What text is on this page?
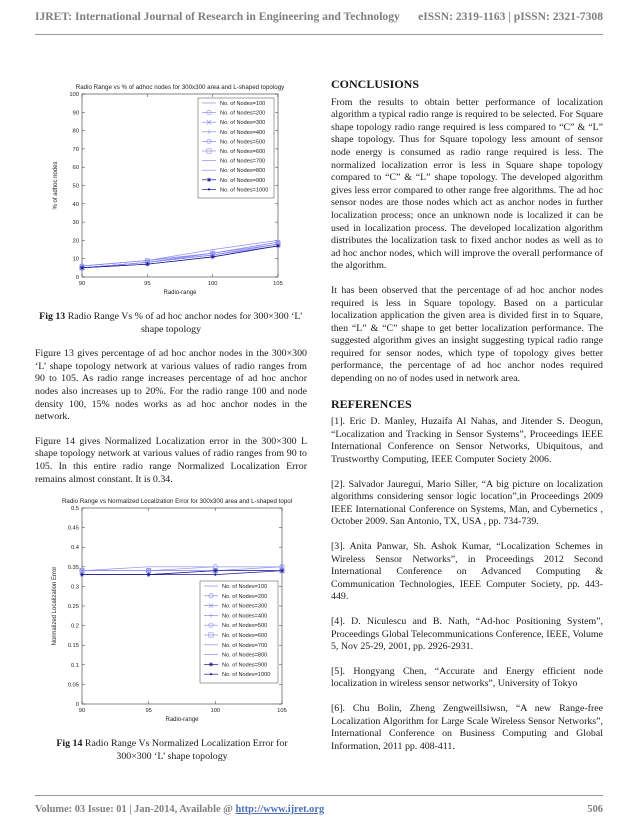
IJRET: International Journal of Research in Engineering and Technology eISSN: 2319-1163 | pISSN: 2321-7308
Radio Range vs % of adhoc nodes for 300x300 area and L-shaped topology
0
10
20
30
40
50
60
70
80
90
100
90	95	100	105
Radio-range
% of adhoc nodes
No. of Nodes=100
No. of Nodes=200
No. of Nodes=300
No. of Nodes=400
No. of Nodes=500
No. of Nodes=600
No. of Nodes=700
No. of Nodes=800
No. of Nodes=900
No. of Nodes=1000
Fig 13 Radio Range Vs % of ad hoc anchor nodes for 300×300 ‘L’ shape topology

Figure 13 gives percentage of ad hoc anchor nodes in the 300×300 ‘L’ shape topology network at various values of radio ranges from 90 to 105. As radio range increases percentage of ad hoc anchor nodes also increases up to 20%. For the radio range 100 and node density 100, 15% nodes works as ad hoc anchor nodes in the network.

Figure 14 gives Normalized Localization error in the 300×300 L shape topology network at various values of radio ranges from 90 to 105. In this entire radio range Normalized Localization Error remains almost constant. It is 0.34.

Radio Range vs Normalized Localization Error for 300x300 area and L-shaped topology
0
0.05
0.1
0.15
0.2
0.25
0.3
0.35
0.4
0.45
0.5
90	95	100	105
Radio-range
Normalized Localization Error	No. of Nodes=100
No. of Nodes=200
No. of Nodes=300
No. of Nodes=400
No. of Nodes=500
No. of Nodes=600
No. of Nodes=700
No. of Nodes=800
No. of Nodes=900
No. of Nodes=1000
Fig 14 Radio Range Vs Normalized Localization Error for 300×300 ‘L’ shape topology
CONCLUSIONS

From the results to obtain better performance of localization algorithm a typical radio range is required to be selected. For Square shape topology radio range required is less compared to “C” & “L” shape topology. Thus for Square topology less amount of sensor node energy is consumed as radio range required is less. The normalized localization error is less in Square shape topology compared to “C” & “L” shape topology. The developed algorithm gives less error compared to other range free algorithms. The ad hoc sensor nodes are those nodes which act as anchor nodes in further localization process; once an unknown node is localized it can be used in localization process. The developed localization algorithm distributes the localization task to fixed anchor nodes as well as to ad hoc anchor nodes, which will improve the overall performance of the algorithm.

It has been observed that the percentage of ad hoc anchor nodes required is less in Square topology. Based on a particular localization application the given area is divided first in to Square, then “L” & “C” shape to get better localization performance. The suggested algorithm gives an insight suggesting typical radio range required for sensor nodes, which type of topology gives better performance, the percentage of ad hoc anchor nodes required depending on no of nodes used in network area.

REFERENCES

[1]. Eric D. Manley, Huzaifa Al Nahas, and Jitender S. Deogun, “Localization and Tracking in Sensor Systems”, Proceedings IEEE International Conference on Sensor Networks, Ubiquitous, and Trustworthy Computing, IEEE Computer Society 2006.

[2]. Salvador Jauregui, Mario Siller, “A big picture on localization algorithms considering sensor logic location”,in Proceedings 2009 IEEE International Conference on Systems, Man, and Cybernetics , October 2009. San Antonio, TX, USA , pp. 734-739.

[3]. Anita Panwar, Sh. Ashok Kumar, “Localization Schemes in Wireless Sensor Networks”, in Proceedings 2012 Second International Conference on Advanced Computing & Communication Technologies, IEEE Computer Society, pp. 443- 449.

[4]. D. Niculescu and B. Nath, “Ad-hoc Positioning System”, Proceedings Global Telecommunications Conference, IEEE, Volume 5, Nov 25-29, 2001, pp. 2926-2931.

[5]. Hongyang Chen, “Accurate and Energy efficient node localization in wireless sensor networks”, University of Tokyo

[6]. Chu Bolin, Zheng Zengweillsiwsn, “A new Range-free Localization Algorithm for Large Scale Wireless Sensor Networks”, International Conference on Business Computing and Global Information, 2011 pp. 408-411.

Volume: 03 Issue: 01 | Jan-2014, Available @ http://www.ijret.org	506
